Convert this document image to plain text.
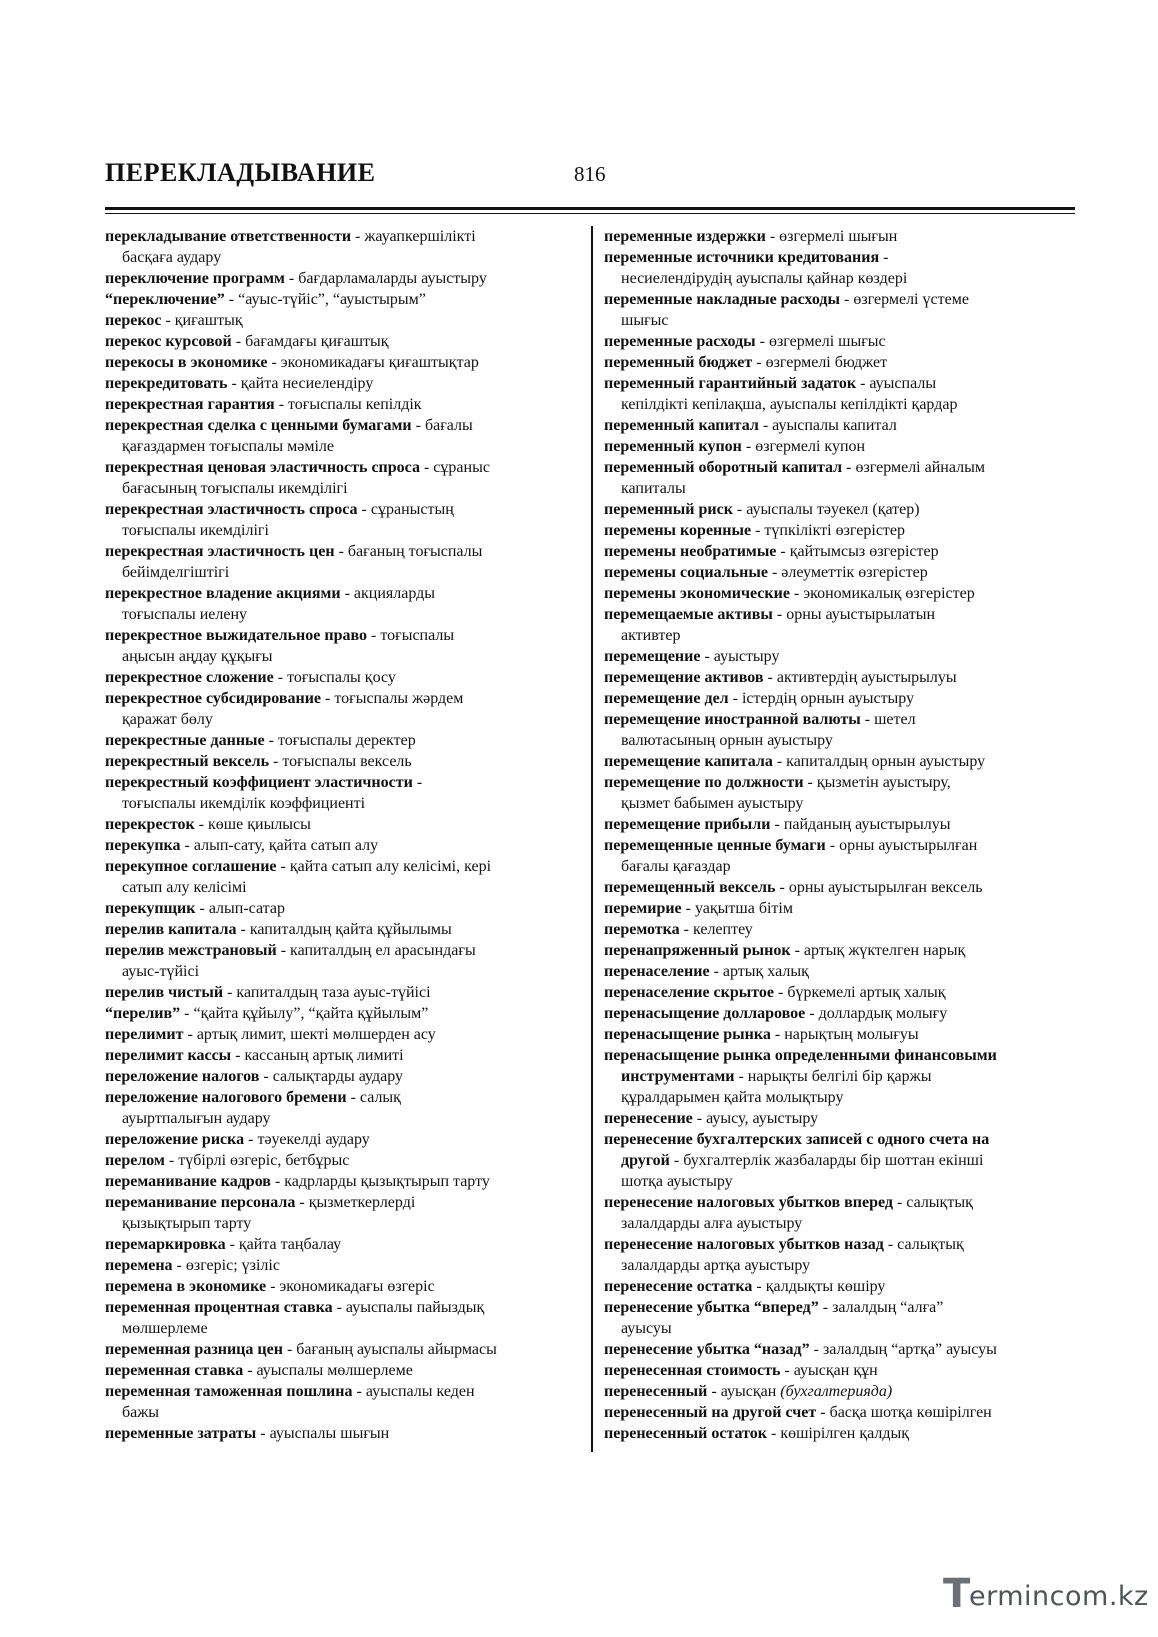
ПЕРЕКЛАДЫВАНИЕ	816
перекладывание ответственности - жауапкершілікті
басқаға аудару
переключение программ - бағдарламаларды ауыстыру
“переключение” - “ауыс-түйіс”, “ауыстырым”
перекос - қиғаштық
перекос курсовой - бағамдағы қиғаштық
перекосы в экономике - экономикадағы қиғаштықтар
перекредитовать - қайта несиелендіру
перекрестная гарантия - тоғыспалы кепілдік
перекрестная сделка с ценными бумагами - бағалы
қағаздармен тоғыспалы мәміле
перекрестная ценовая эластичность спроса - сұраныс
бағасының тоғыспалы икемділігі
перекрестная эластичность спроса - сұраныстың
тоғыспалы икемділігі
перекрестная эластичность цен - бағаның тоғыспалы
бейімделгіштігі
перекрестное владение акциями - акцияларды
тоғыспалы иелену
перекрестное выжидательное право - тоғыспалы
аңысын аңдау құқығы
перекрестное сложение - тоғыспалы қосу
перекрестное субсидирование - тоғыспалы жәрдем
қаражат бөлу
перекрестные данные - тоғыспалы деректер
перекрестный вексель - тоғыспалы вексель
перекрестный коэффициент эластичности -
тоғыспалы икемділік коэффициенті
перекресток - көше қиылысы
перекупка - алып-сату, қайта сатып алу
перекупное соглашение - қайта сатып алу келісімі, кері
сатып алу келісімі
перекупщик - алып-сатар
перелив капитала - капиталдың қайта құйылымы
перелив межстрановый - капиталдың ел арасындағы
ауыс-түйісі
перелив чистый - капиталдың таза ауыс-түйісі
“перелив” - “қайта құйылу”, “қайта құйылым”
перелимит - артық лимит, шекті мөлшерден асу
перелимит кассы - кассаның артық лимиті
переложение налогов - салықтарды аудару
переложение налогового бремени - салық
ауыртпалығын аудару
переложение риска - тәуекелді аудару
перелом - түбірлі өзгеріс, бетбұрыс
переманивание кадров - кадрларды қызықтырып тарту
переманивание персонала - қызметкерлерді
қызықтырып тарту
перемаркировка - қайта таңбалау
перемена - өзгеріс; үзіліс
перемена в экономике - экономикадағы өзгеріс
переменная процентная ставка - ауыспалы пайыздық
мөлшерлеме
переменная разница цен - бағаның ауыспалы айырмасы
переменная ставка - ауыспалы мөлшерлеме
переменная таможенная пошлина - ауыспалы кеден
бажы
переменные затраты - ауыспалы шығын
переменные издержки - өзгермелі шығын
переменные источники кредитования -
несиелендірудің ауыспалы қайнар көздері
переменные накладные расходы - өзгермелі үстеме
шығыс
переменные расходы - өзгермелі шығыс
переменный бюджет - өзгермелі бюджет
переменный гарантийный задаток - ауыспалы
кепілдікті кепілақша, ауыспалы кепілдікті қардар
переменный капитал - ауыспалы капитал
переменный купон - өзгермелі купон
переменный оборотный капитал - өзгермелі айналым
капиталы
переменный риск - ауыспалы тәуекел (қатер)
перемены коренные - түпкілікті өзгерістер
перемены необратимые - қайтымсыз өзгерістер
перемены социальные - әлеуметтік өзгерістер
перемены экономические - экономикалық өзгерістер
перемещаемые активы - орны ауыстырылатын
активтер
перемещение - ауыстыру
перемещение активов - активтердің ауыстырылуы
перемещение дел - істердің орнын ауыстыру
перемещение иностранной валюты - шетел
валютасының орнын ауыстыру
перемещение капитала - капиталдың орнын ауыстыру
перемещение по должности - қызметін ауыстыру,
қызмет бабымен ауыстыру
перемещение прибыли - пайданың ауыстырылуы
перемещенные ценные бумаги - орны ауыстырылған
бағалы қағаздар
перемещенный вексель - орны ауыстырылған вексель
перемирие - уақытша бітім
перемотка - келептеу
перенапряженный рынок - артық жүктелген нарық
перенаселение - артық халық
перенаселение скрытое - бүркемелі артық халық
перенасыщение долларовое - доллардық молығу
перенасыщение рынка - нарықтың молығуы
перенасыщение рынка определенными финансовыми
инструментами - нарықты белгілі бір қаржы
құралдарымен қайта молықтыру
перенесение - ауысу, ауыстыру
перенесение бухгалтерских записей с одного счета на
другой - бухгалтерлік жазбаларды бір шоттан екінші
шотқа ауыстыру
перенесение налоговых убытков вперед - салықтық
залалдарды алға ауыстыру
перенесение налоговых убытков назад - салықтық
залалдарды артқа ауыстыру
перенесение остатка - қалдықты көшіру
перенесение убытка “вперед” - залалдың “алға”
ауысуы
перенесение убытка “назад” - залалдың “артқа” ауысуы
перенесенная стоимость - ауысқан құн
перенесенный - ауысқан (бухгалтерияда)
перенесенный на другой счет - басқа шотқа көшірілген
перенесенный остаток - көшірілген қалдық
T
ermincom.kz
